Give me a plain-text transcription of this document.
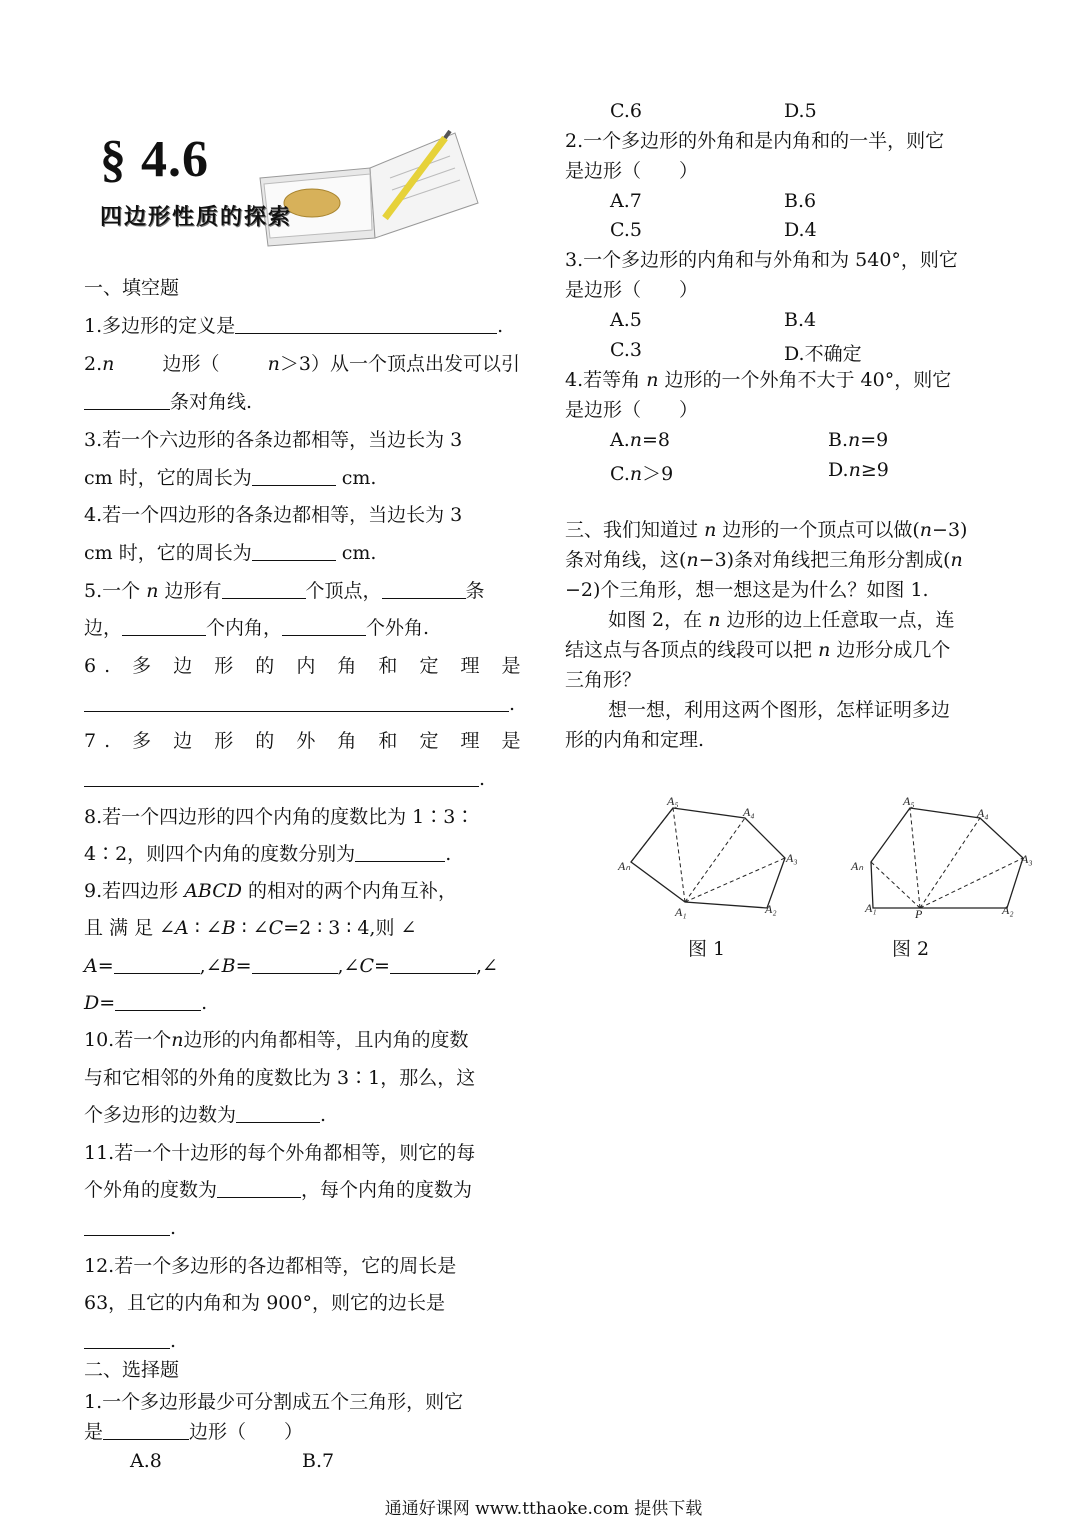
§ 4.6
四边形性质的探索
一、填空题
1.多边形的定义是	.
2.n	边形（	n＞3）从一个顶点出发可以引
条对角线.
3.若一个六边形的各条边都相等，当边长为 3
cm 时，它的周长为	cm.
4.若一个四边形的各条边都相等，当边长为 3
cm 时，它的周长为	cm.
5.一个 n 边形有	个顶点，	条
边，	个内角，	个外角.
6. 多 边 形 的 内 角 和 定 理 是
.
7. 多 边 形 的 外 角 和 定 理 是
.
8.若一个四边形的四个内角的度数比为 1∶3∶
4∶2，则四个内角的度数分别为	.
9.若四边形 ABCD 的相对的两个内角互补，
且 满 足 ∠A ∶ ∠B ∶ ∠C=2 ∶ 3 ∶ 4,则 ∠
A=	,∠B=	,∠C=	,∠
D=	.
10.若一个n边形的内角都相等，且内角的度数
与和它相邻的外角的度数比为 3∶1，那么，这
个多边形的边数为	.
11.若一个十边形的每个外角都相等，则它的每
个外角的度数为	，每个内角的度数为
.
12.若一个多边形的各边都相等，它的周长是
63，且它的内角和为 900°，则它的边长是
.
二、选择题
1.一个多边形最少可分割成五个三角形，则它
是	边形（　　）
A.8	B.7
C.6	D.5
2.一个多边形的外角和是内角和的一半，则它
是边形（　　）
A.7	B.6
C.5	D.4
3.一个多边形的内角和与外角和为 540°，则它
是边形（　　）
A.5	B.4
C.3	D.不确定
4.若等角 n 边形的一个外角不大于 40°，则它
是边形（　　）
A.n=8	B.n=9
C.n＞9	D.n≥9
三、我们知道过 n 边形的一个顶点可以做(n−3)
条对角线，这(n−3)条对角线把三角形分割成(n
−2)个三角形，想一想这是为什么？如图 1.
如图 2，在 n 边形的边上任意取一点，连
结这点与各顶点的线段可以把 n 边形分成几个
三角形？
想一想，利用这两个图形，怎样证明多边
形的内角和定理.
A₅
A₄
A₃
A₂
A₁
Aₙ
图 1
A₅
A₄
A₃
A₂
A₁
Aₙ
P
图 2
通通好课网 www.tthaoke.com 提供下载
